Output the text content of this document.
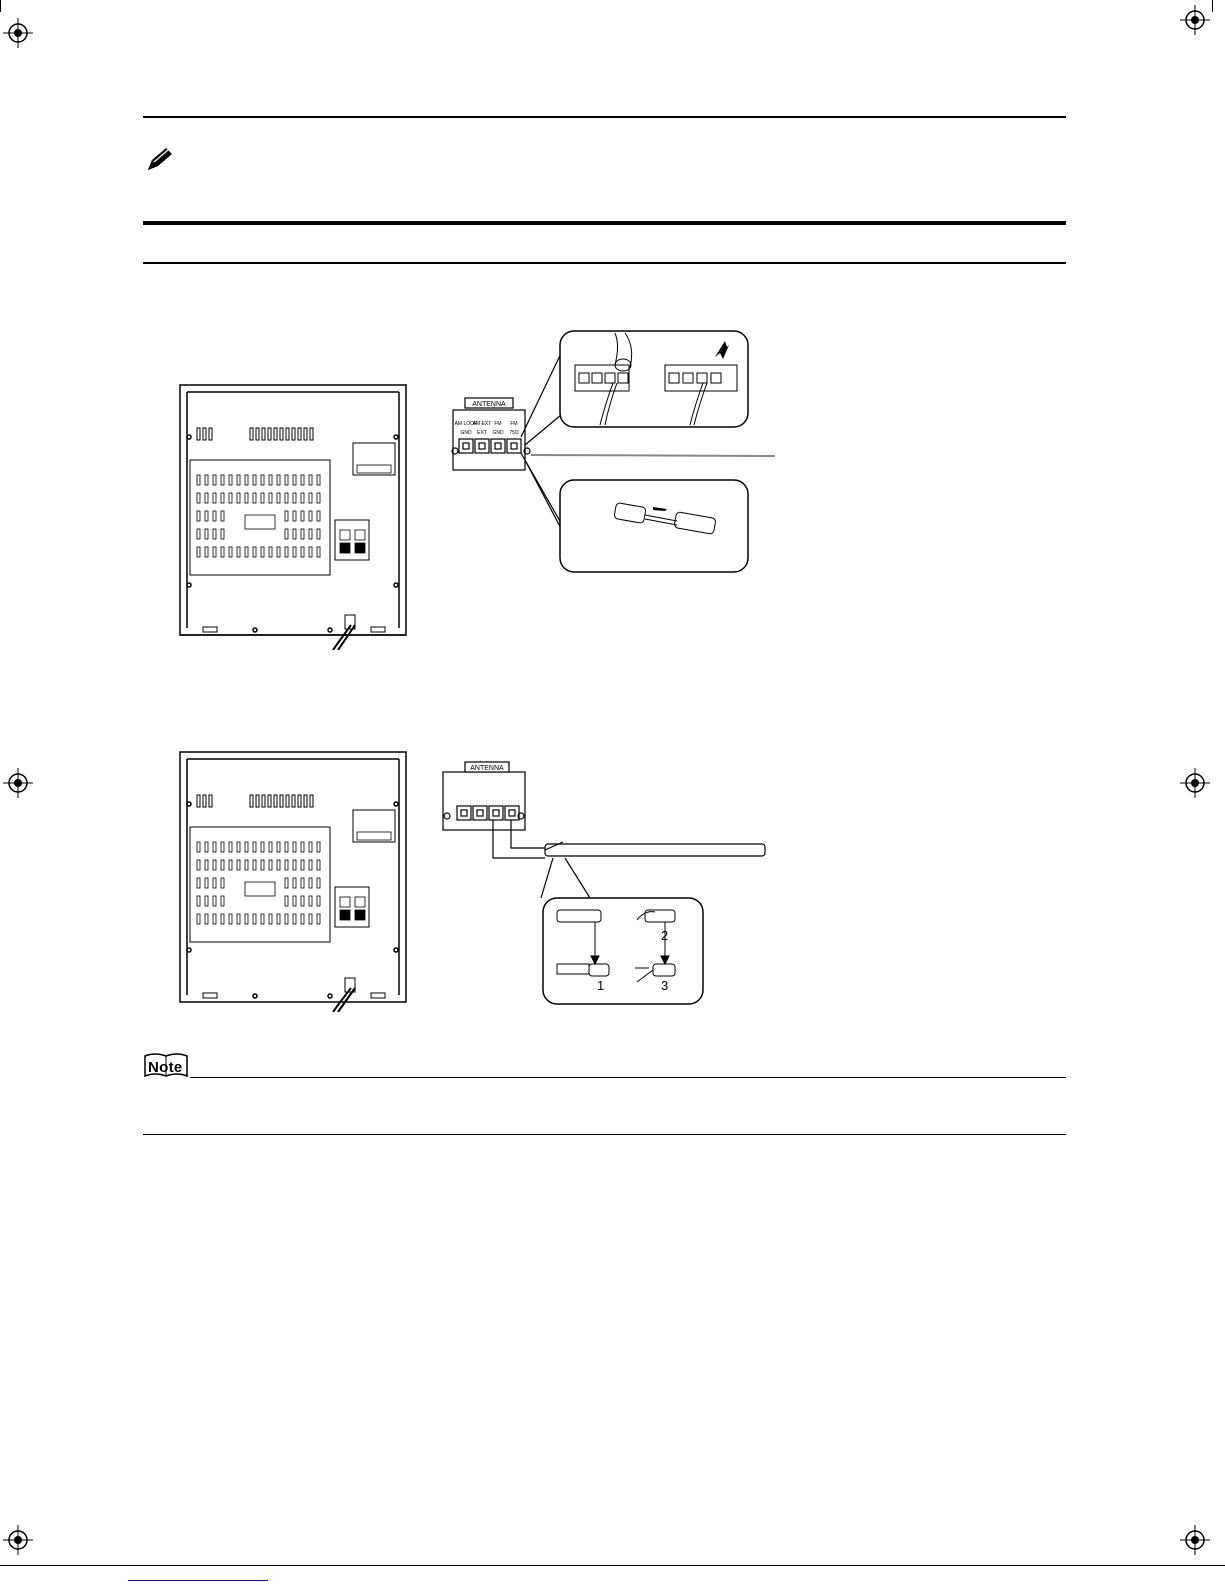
ANTENNA
AM LOOP
AM EXT FM FM
GND EXT GND 75Ω
ANTENNA
1
2
3
Note
